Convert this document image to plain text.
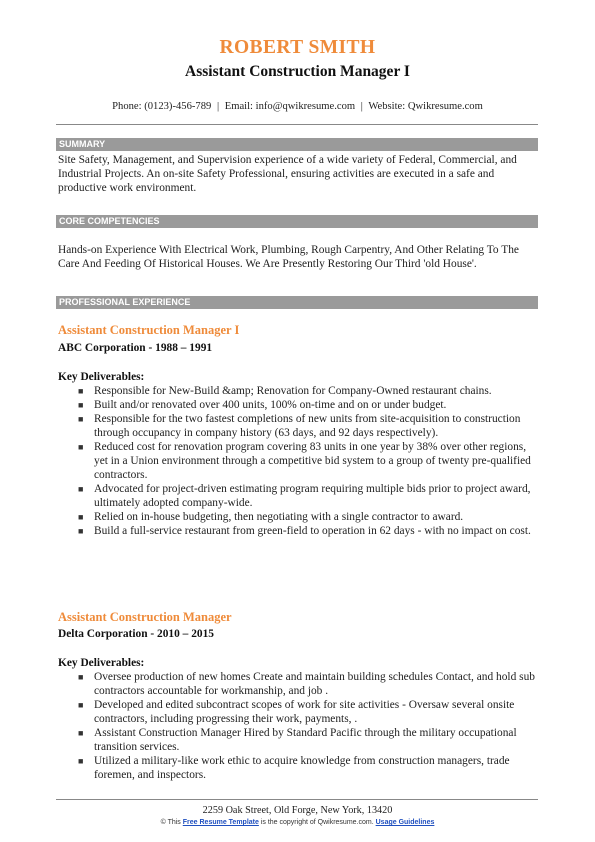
ROBERT SMITH
Assistant Construction Manager I
Phone: (0123)-456-789 | Email: info@qwikresume.com | Website: Qwikresume.com
SUMMARY

Site Safety, Management, and Supervision experience of a wide variety of Federal, Commercial, and Industrial Projects. An on-site Safety Professional, ensuring activities are executed in a safe and productive work environment.

CORE COMPETENCIES

Hands-on Experience With Electrical Work, Plumbing, Rough Carpentry, And Other Relating To The Care And Feeding Of Historical Houses. We Are Presently Restoring Our Third 'old House'.

PROFESSIONAL EXPERIENCE
Assistant Construction Manager I
ABC Corporation - 1988 – 1991
Key Deliverables:
■ Responsible for New-Build &amp; Renovation for Company-Owned restaurant chains.
■ Built and/or renovated over 400 units, 100% on-time and on or under budget.
■ Responsible for the two fastest completions of new units from site-acquisition to construction through occupancy in company history (63 days, and 92 days respectively).
■ Reduced cost for renovation program covering 83 units in one year by 38% over other regions, yet in a Union environment through a competitive bid system to a group of twenty pre-qualified contractors.
■ Advocated for project-driven estimating program requiring multiple bids prior to project award, ultimately adopted company-wide.
■ Relied on in-house budgeting, then negotiating with a single contractor to award.
■ Build a full-service restaurant from green-field to operation in 62 days - with no impact on cost.
Assistant Construction Manager
Delta Corporation - 2010 – 2015
Key Deliverables:
■ Oversee production of new homes Create and maintain building schedules Contact, and hold sub contractors accountable for workmanship, and job .
■ Developed and edited subcontract scopes of work for site activities - Oversaw several onsite contractors, including progressing their work, payments, .
■ Assistant Construction Manager Hired by Standard Pacific through the military occupational transition services.
■ Utilized a military-like work ethic to acquire knowledge from construction managers, trade foremen, and inspectors.
2259 Oak Street, Old Forge, New York, 13420
© This Free Resume Template is the copyright of Qwikresume.com. Usage Guidelines
